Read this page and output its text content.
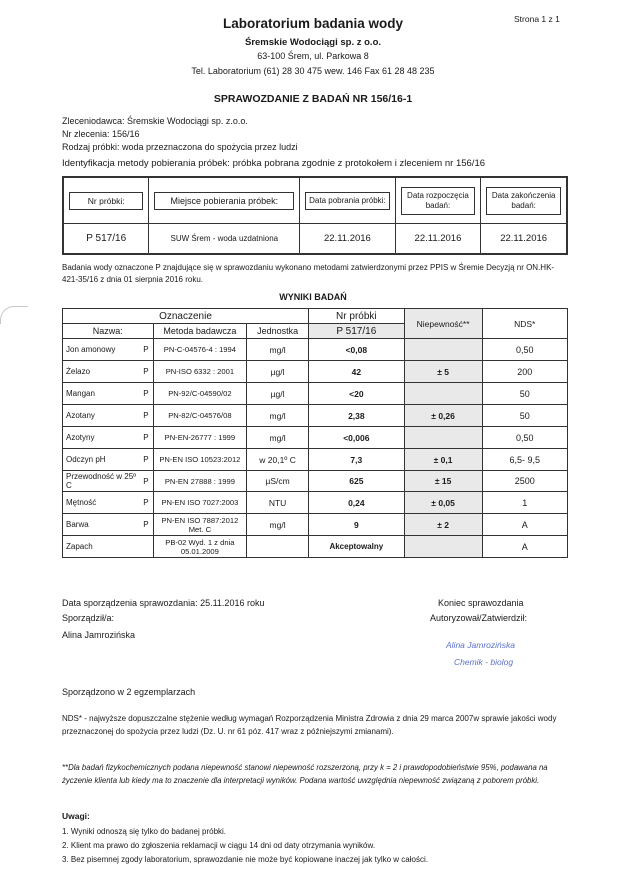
Strona 1 z 1
Laboratorium badania wody
Śremskie Wodociągi sp. z o.o.
63-100 Śrem, ul. Parkowa 8
Tel. Laboratorium (61) 28 30 475 wew. 146 Fax 61 28 48 235
SPRAWOZDANIE Z BADAŃ NR 156/16-1
Zleceniodawca: Śremskie Wodociągi sp. z.o.o.
Nr zlecenia: 156/16
Rodzaj próbki: woda przeznaczona do spożycia przez ludzi
Identyfikacja metody pobierania próbek: próbka pobrana zgodnie z protokołem i zleceniem nr 156/16
Nr próbki:	Miejsce pobierania próbek:	Data pobrania próbki:	Data rozpoczęcia badań:	Data zakończenia badań:

P 517/16	SUW Śrem - woda uzdatniona	22.11.2016	22.11.2016	22.11.2016
Badania wody oznaczone P znajdujące się w sprawozdaniu wykonano metodami zatwierdzonymi przez PPIS w Śremie Decyzją nr ON.HK-421-35/16 z dnia 01 sierpnia 2016 roku.
WYNIKI BADAŃ
Oznaczenie				Nr próbki	Niepewność**	NDS*
Nazwa:		Metoda badawcza	Jednostka	P 517/16		
Jon amonowy	P	PN-C-04576-4 : 1994	mg/l	<0,08		0,50
Żelazo	P	PN-ISO 6332 : 2001	µg/l	42	± 5	200
Mangan	P	PN-92/C-04590/02	µg/l	<20		50
Azotany	P	PN-82/C-04576/08	mg/l	2,38	± 0,26	50
Azotyny	P	PN-EN-26777 : 1999	mg/l	<0,006		0,50
Odczyn pH	P	PN-EN ISO 10523:2012	w 20,1º C	7,3	± 0,1	6,5- 9,5
Przewodność w 25º C	P	PN-EN 27888 : 1999	µS/cm	625	± 15	2500
Mętność	P	PN-EN ISO 7027:2003	NTU	0,24	± 0,05	1
Barwa	P	PN-EN ISO 7887:2012 Met. C	mg/l	9	± 2	A
Zapach		PB-02 Wyd. 1 z dnia 05.01.2009		Akceptowalny		A
Data sporządzenia sprawozdania: 25.11.2016 roku	Koniec sprawozdania
Sporządził/a:	Autoryzował/Zatwierdził:
Alina Jamrozińska
Alina Jamrozińska
Chemik - biolog
Sporządzono w 2 egzemplarzach
NDS* - najwyższe dopuszczalne stężenie według wymagań Rozporządzenia Ministra Zdrowia z dnia 29 marca 2007w sprawie jakości wody przeznaczonej do spożycia przez ludzi (Dz. U. nr 61 póz. 417 wraz z późniejszymi zmianami).
**Dla badań fizykochemicznych podana niepewność stanowi niepewność rozszerzoną, przy k = 2 i prawdopodobieństwie 95%, podawana na życzenie klienta lub kiedy ma to znaczenie dla interpretacji wyników. Podana wartość uwzględnia niepewność związaną z poborem próbki.
Uwagi:
1. Wyniki odnoszą się tylko do badanej próbki.
2. Klient ma prawo do zgłoszenia reklamacji w ciągu 14 dni od daty otrzymania wyników.
3. Bez pisemnej zgody laboratorium, sprawozdanie nie może być kopiowane inaczej jak tylko w całości.
